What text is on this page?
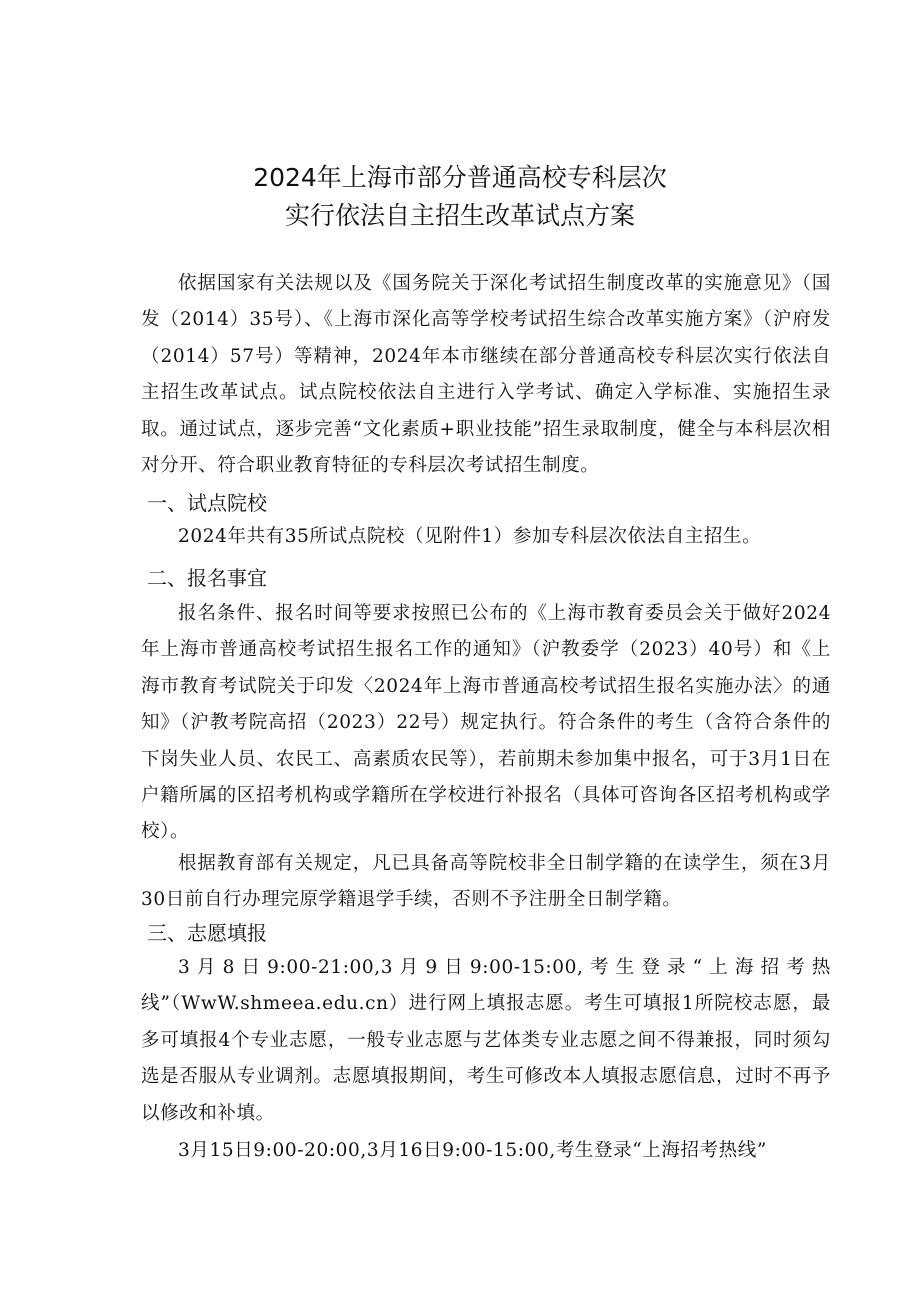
2024年上海市部分普通高校专科层次
实行依法自主招生改革试点方案

依据国家有关法规以及《国务院关于深化考试招生制度改革的实施意见》（国发（2014）35号）、《上海市深化高等学校考试招生综合改革实施方案》（沪府发（2014）57号）等精神，2024年本市继续在部分普通高校专科层次实行依法自主招生改革试点。试点院校依法自主进行入学考试、确定入学标准、实施招生录取。通过试点，逐步完善“文化素质+职业技能”招生录取制度，健全与本科层次相对分开、符合职业教育特征的专科层次考试招生制度。

一、试点院校

2024年共有35所试点院校（见附件1）参加专科层次依法自主招生。

二、报名事宜

报名条件、报名时间等要求按照已公布的《上海市教育委员会关于做好2024年上海市普通高校考试招生报名工作的通知》（沪教委学（2023）40号）和《上海市教育考试院关于印发〈2024年上海市普通高校考试招生报名实施办法〉的通知》（沪教考院高招（2023）22号）规定执行。符合条件的考生（含符合条件的下岗失业人员、农民工、高素质农民等），若前期未参加集中报名，可于3月1日在户籍所属的区招考机构或学籍所在学校进行补报名（具体可咨询各区招考机构或学校）。

根据教育部有关规定，凡已具备高等院校非全日制学籍的在读学生，须在3月30日前自行办理完原学籍退学手续，否则不予注册全日制学籍。

三、志愿填报

3月8日9:00-21:00,3月9日9:00-15:00,考生登录“上海招考热线”（WwW.shmeea.edu.cn）进行网上填报志愿。考生可填报1所院校志愿，最多可填报4个专业志愿，一般专业志愿与艺体类专业志愿之间不得兼报，同时须勾选是否服从专业调剂。志愿填报期间，考生可修改本人填报志愿信息，过时不再予以修改和补填。

3月15日9:00-20:00,3月16日9:00-15:00,考生登录“上海招考热线”
